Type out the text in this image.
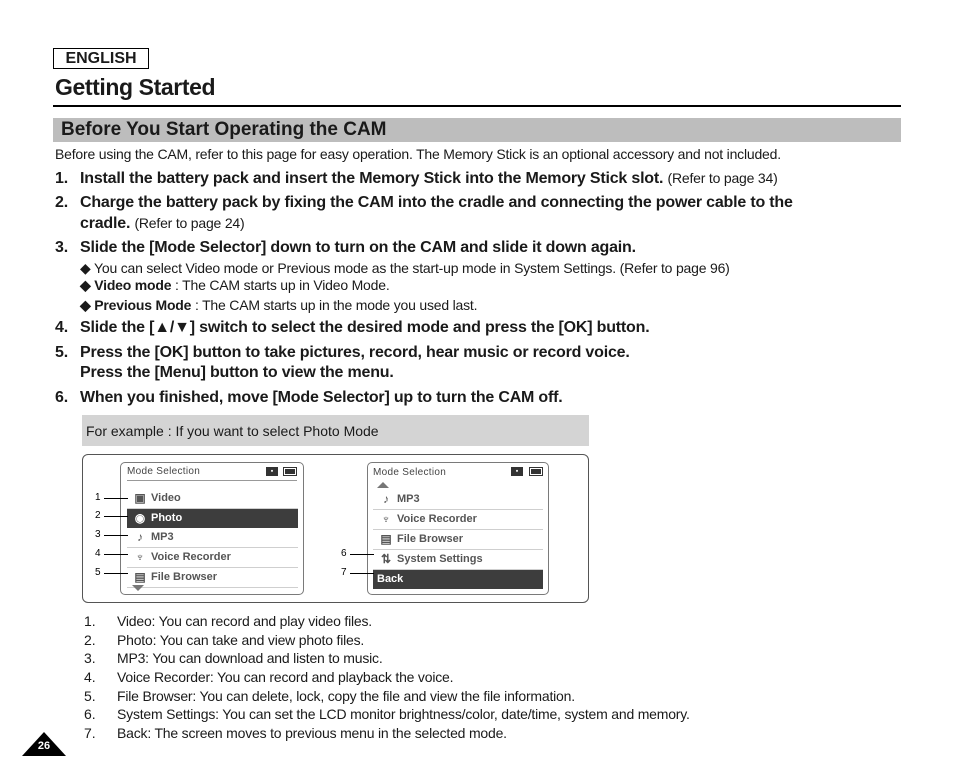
ENGLISH
Getting Started
Before You Start Operating the CAM
Before using the CAM, refer to this page for easy operation. The Memory Stick is an optional accessory and not included.
1. Install the battery pack and insert the Memory Stick into the Memory Stick slot. (Refer to page 34)
2. Charge the battery pack by fixing the CAM into the cradle and connecting the power cable to the
cradle. (Refer to page 24)
3. Slide the [Mode Selector] down to turn on the CAM and slide it down again.
◆ You can select Video mode or Previous mode as the start-up mode in System Settings. (Refer to page 96)
◆ Video mode : The CAM starts up in Video Mode.
◆ Previous Mode : The CAM starts up in the mode you used last.
4. Slide the [▲/▼] switch to select the desired mode and press the [OK] button.
5. Press the [OK] button to take pictures, record, hear music or record voice.
Press the [Menu] button to view the menu.
6. When you finished, move [Mode Selector] up to turn the CAM off.
For example : If you want to select Photo Mode
Mode Selection	▪
▣ Video
◉ Photo
♪ MP3
♆ Voice Recorder
▤ File Browser
1
2
3
4
5
Mode Selection	▪
♪ MP3
♆ Voice Recorder
▤ File Browser
⇅ System Settings
Back
6
7
1. Video: You can record and play video files.
2. Photo: You can take and view photo files.
3. MP3: You can download and listen to music.
4. Voice Recorder: You can record and playback the voice.
5. File Browser: You can delete, lock, copy the file and view the file information.
6. System Settings: You can set the LCD monitor brightness/color, date/time, system and memory.
7. Back: The screen moves to previous menu in the selected mode.
26
